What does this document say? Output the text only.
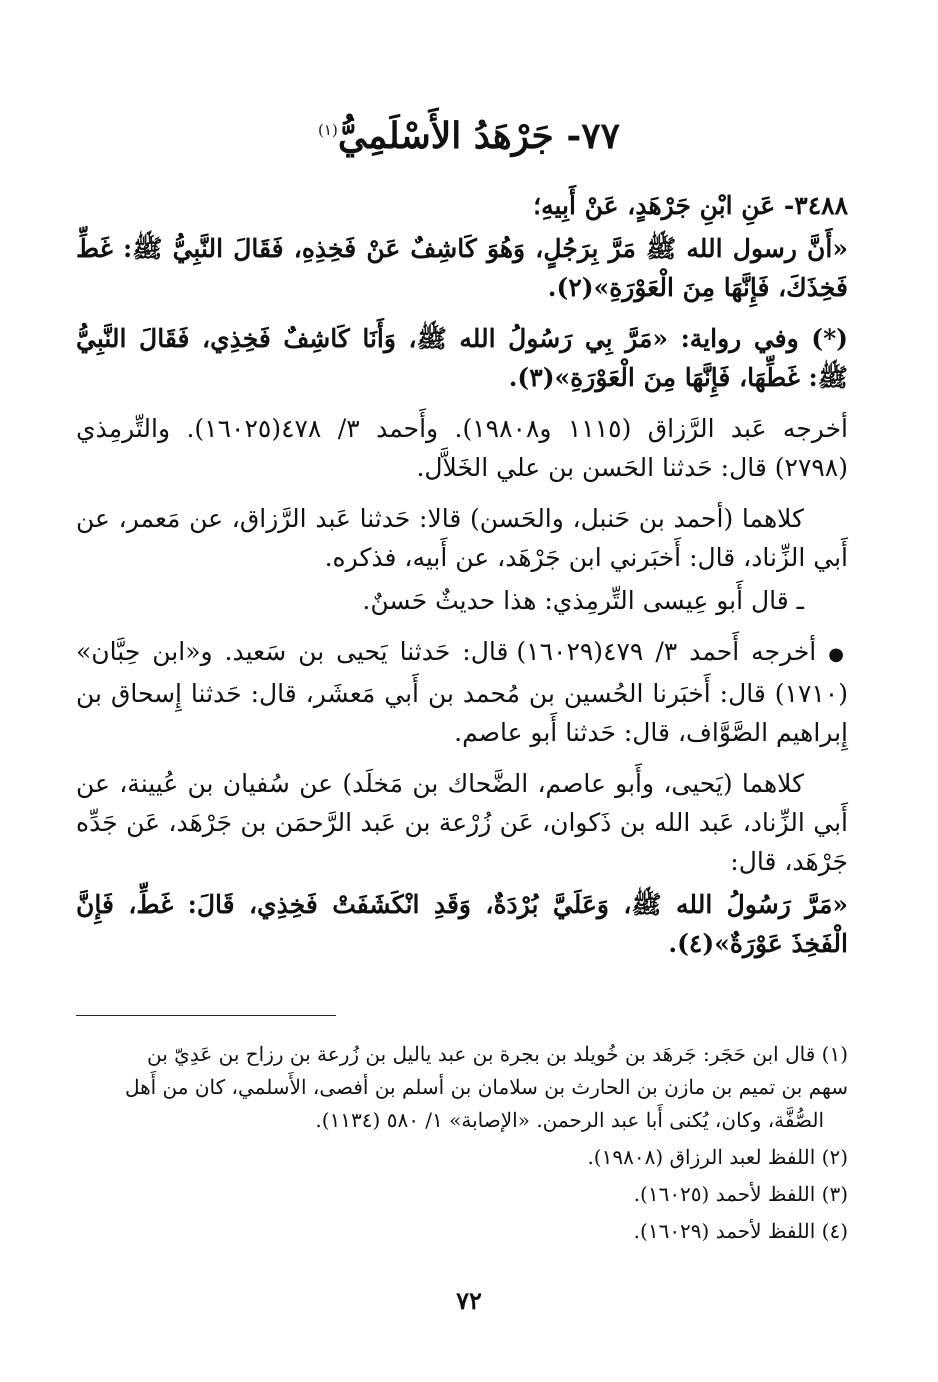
٧٧- جَرْهَدُ الأَسْلَمِيُّ$^{(١)}$

٣٤٨٨- عَنِ ابْنِ جَرْهَدٍ، عَنْ أَبِيهِ؛

«أَنَّ رسول الله ﷺ مَرَّ بِرَجُلٍ، وَهُوَ كَاشِفٌ عَنْ فَخِذِهِ، فَقَالَ النَّبِيُّ ﷺ: غَطِّ فَخِذَكَ، فَإِنَّهَا مِنَ الْعَوْرَةِ»(٢).

(*) وفي رواية: «مَرَّ بِي رَسُولُ الله ﷺ، وَأَنَا كَاشِفٌ فَخِذِي، فَقَالَ النَّبِيُّ ﷺ: غَطِّهَا، فَإِنَّهَا مِنَ الْعَوْرَةِ»(٣).

أخرجه عَبد الرَّزاق (١١١٥ و١٩٨٠٨). وأَحمد ٣/ ٤٧٨(١٦٠٢٥). والتِّرمِذي (٢٧٩٨) قال: حَدثنا الحَسن بن علي الخَلاَّل.

كلاهما (أحمد بن حَنبل، والحَسن) قالا: حَدثنا عَبد الرَّزاق، عن مَعمر، عن أَبي الزِّناد، قال: أَخبَرني ابن جَرْهَد، عن أَبيه، فذكره.

ـ قال أَبو عِيسى التِّرمِذي: هذا حديثٌ حَسنٌ.

● أخرجه أَحمد ٣/ ٤٧٩(١٦٠٢٩) قال: حَدثنا يَحيى بن سَعيد. و«ابن حِبَّان» (١٧١٠) قال: أَخبَرنا الحُسين بن مُحمد بن أَبي مَعشَر، قال: حَدثنا إِسحاق بن إِبراهيم الصَّوَّاف، قال: حَدثنا أَبو عاصم.

كلاهما (يَحيى، وأَبو عاصم، الضَّحاك بن مَخلَد) عن سُفيان بن عُيينة، عن أَبي الزِّناد، عَبد الله بن ذَكوان، عَن زُرْعة بن عَبد الرَّحمَن بن جَرْهَد، عَن جَدِّه جَرْهَد، قال:

«مَرَّ رَسُولُ الله ﷺ، وَعَلَيَّ بُرْدَةٌ، وَقَدِ انْكَشَفَتْ فَخِذِي، قَالَ: غَطِّ، فَإِنَّ الْفَخِذَ عَوْرَةٌ»(٤).

(١) قال ابن حَجَر: جَرهَد بن خُويلد بن بجرة بن عبد ياليل بن زُرعة بن رزاح بن عَدِيّ بن

سهم بن تميم بن مازن بن الحارث بن سلامان بن أسلم بن أفصى، الأَسلمي، كان من أَهل

الصُّفَّة، وكان، يُكنى أَبا عبد الرحمن. «الإصابة» ١/ ٥٨٠ (١١٣٤).

(٢) اللفظ لعبد الرزاق (١٩٨٠٨).

(٣) اللفظ لأحمد (١٦٠٢٥).

(٤) اللفظ لأحمد (١٦٠٢٩).

٧٢
